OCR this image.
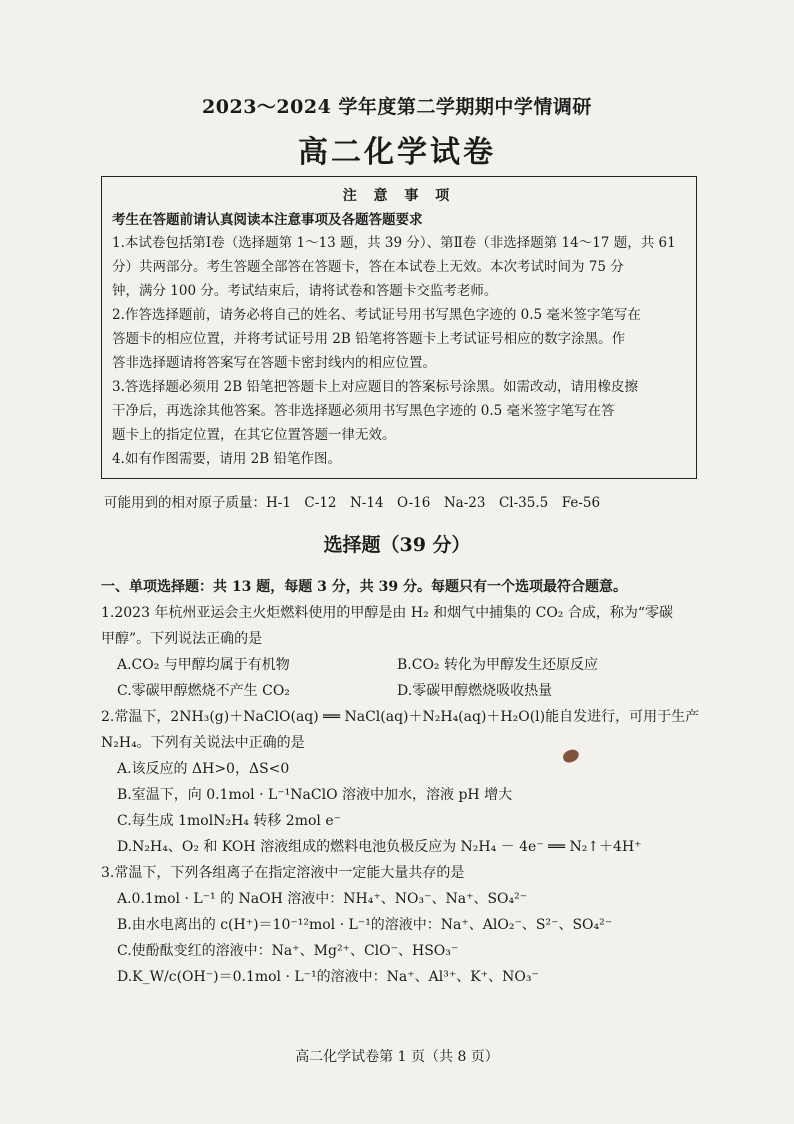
2023～2024 学年度第二学期期中学情调研
高二化学试卷
注 意 事 项
考生在答题前请认真阅读本注意事项及各题答题要求
1.本试卷包括第Ⅰ卷（选择题第 1～13 题，共 39 分）、第Ⅱ卷（非选择题第 14～17 题，共 61
分）共两部分。考生答题全部答在答题卡，答在本试卷上无效。本次考试时间为 75 分
钟，满分 100 分。考试结束后，请将试卷和答题卡交监考老师。
2.作答选择题前，请务必将自己的姓名、考试证号用书写黑色字迹的 0.5 毫米签字笔写在
答题卡的相应位置，并将考试证号用 2B 铅笔将答题卡上考试证号相应的数字涂黑。作
答非选择题请将答案写在答题卡密封线内的相应位置。
3.答选择题必须用 2B 铅笔把答题卡上对应题目的答案标号涂黑。如需改动，请用橡皮擦
干净后，再选涂其他答案。答非选择题必须用书写黑色字迹的 0.5 毫米签字笔写在答
题卡上的指定位置，在其它位置答题一律无效。
4.如有作图需要，请用 2B 铅笔作图。
可能用到的相对原子质量：H-1　C-12　N-14　O-16　Na-23　Cl-35.5　Fe-56
选择题（39 分）
一、单项选择题：共 13 题，每题 3 分，共 39 分。每题只有一个选项最符合题意。
1.2023 年杭州亚运会主火炬燃料使用的甲醇是由 H₂ 和烟气中捕集的 CO₂ 合成，称为“零碳
甲醇”。下列说法正确的是
A.CO₂ 与甲醇均属于有机物	B.CO₂ 转化为甲醇发生还原反应
C.零碳甲醇燃烧不产生 CO₂	D.零碳甲醇燃烧吸收热量
2.常温下，2NH₃(g)＋NaClO(aq) ══ NaCl(aq)＋N₂H₄(aq)＋H₂O(l)能自发进行，可用于生产
N₂H₄。下列有关说法中正确的是
A.该反应的 ΔH>0，ΔS<0
B.室温下，向 0.1mol · L⁻¹NaClO 溶液中加水，溶液 pH 增大
C.每生成 1molN₂H₄ 转移 2mol e⁻
D.N₂H₄、O₂ 和 KOH 溶液组成的燃料电池负极反应为 N₂H₄ － 4e⁻ ══ N₂↑＋4H⁺
3.常温下，下列各组离子在指定溶液中一定能大量共存的是
A.0.1mol · L⁻¹ 的 NaOH 溶液中：NH₄⁺、NO₃⁻、Na⁺、SO₄²⁻
B.由水电离出的 c(H⁺)＝10⁻¹²mol · L⁻¹的溶液中：Na⁺、AlO₂⁻、S²⁻、SO₄²⁻
C.使酚酞变红的溶液中：Na⁺、Mg²⁺、ClO⁻、HSO₃⁻
D.K_W/c(OH⁻)＝0.1mol · L⁻¹的溶液中：Na⁺、Al³⁺、K⁺、NO₃⁻
高二化学试卷第 1 页（共 8 页）
